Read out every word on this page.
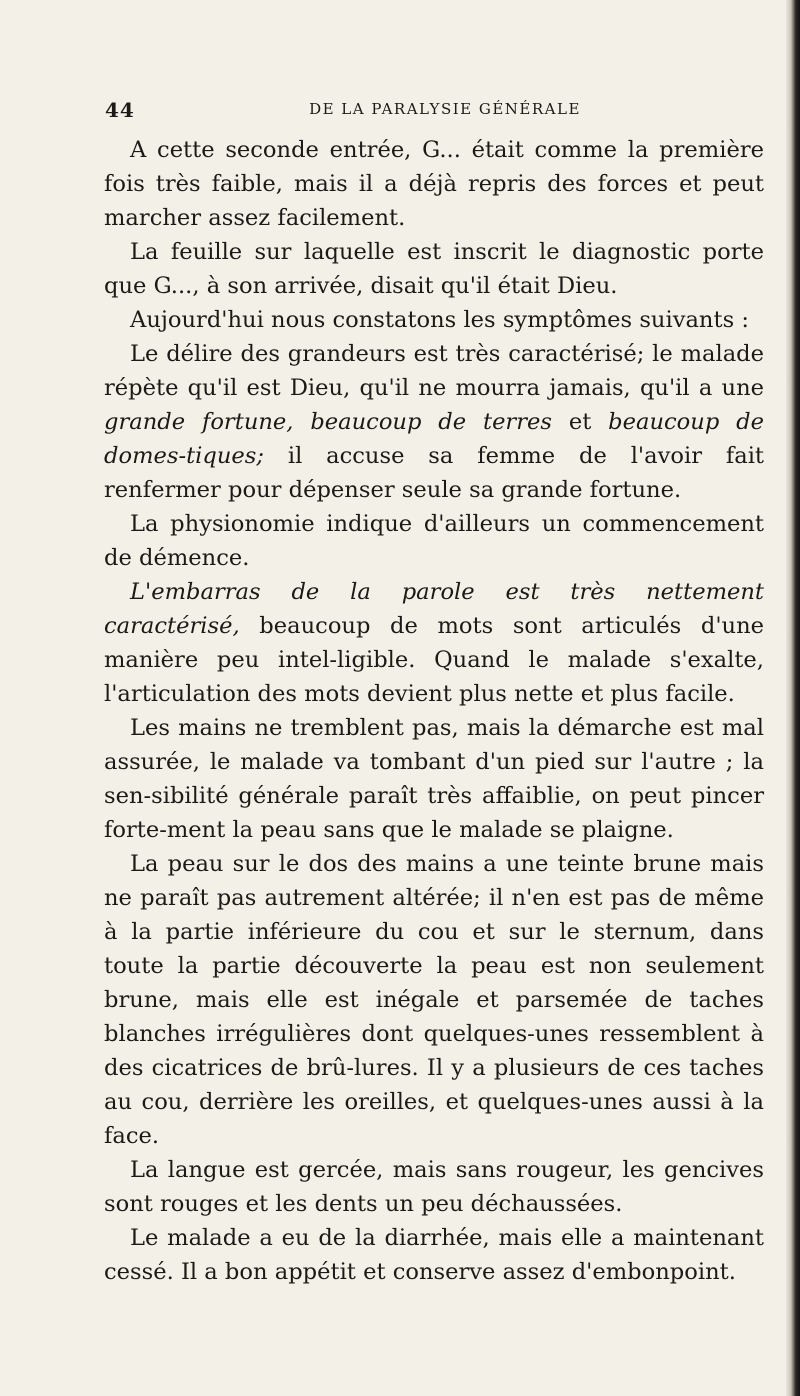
44	DE LA PARALYSIE GÉNÉRALE

A cette seconde entrée, G... était comme la première fois très faible, mais il a déjà repris des forces et peut marcher assez facilement.

La feuille sur laquelle est inscrit le diagnostic porte que G..., à son arrivée, disait qu'il était Dieu.

Aujourd'hui nous constatons les symptômes suivants :

Le délire des grandeurs est très caractérisé; le malade répète qu'il est Dieu, qu'il ne mourra jamais, qu'il a une grande fortune, beaucoup de terres et beaucoup de domes-tiques; il accuse sa femme de l'avoir fait renfermer pour dépenser seule sa grande fortune.

La physionomie indique d'ailleurs un commencement de démence.

L'embarras de la parole est très nettement caractérisé, beaucoup de mots sont articulés d'une manière peu intel-ligible. Quand le malade s'exalte, l'articulation des mots devient plus nette et plus facile.

Les mains ne tremblent pas, mais la démarche est mal assurée, le malade va tombant d'un pied sur l'autre ; la sen-sibilité générale paraît très affaiblie, on peut pincer forte-ment la peau sans que le malade se plaigne.

La peau sur le dos des mains a une teinte brune mais ne paraît pas autrement altérée; il n'en est pas de même à la partie inférieure du cou et sur le sternum, dans toute la partie découverte la peau est non seulement brune, mais elle est inégale et parsemée de taches blanches irrégulières dont quelques-unes ressemblent à des cicatrices de brû-lures. Il y a plusieurs de ces taches au cou, derrière les oreilles, et quelques-unes aussi à la face.

La langue est gercée, mais sans rougeur, les gencives sont rouges et les dents un peu déchaussées.

Le malade a eu de la diarrhée, mais elle a maintenant cessé. Il a bon appétit et conserve assez d'embonpoint.
